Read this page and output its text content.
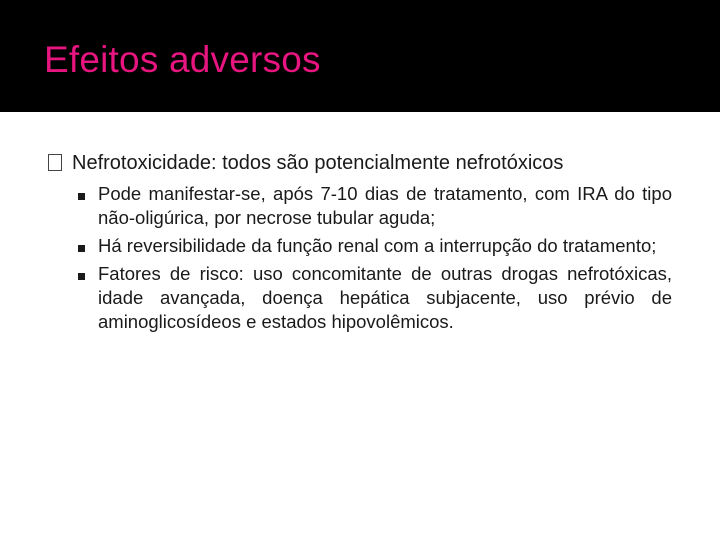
Efeitos adversos
Nefrotoxicidade: todos são potencialmente nefrotóxicos
Pode manifestar-se, após 7-10 dias de tratamento, com IRA do tipo não-oligúrica, por necrose tubular aguda;
Há reversibilidade da função renal com a interrupção do tratamento;
Fatores de risco: uso concomitante de outras drogas nefrotóxicas, idade avançada, doença hepática subjacente, uso prévio de aminoglicosídeos e estados hipovolêmicos.
